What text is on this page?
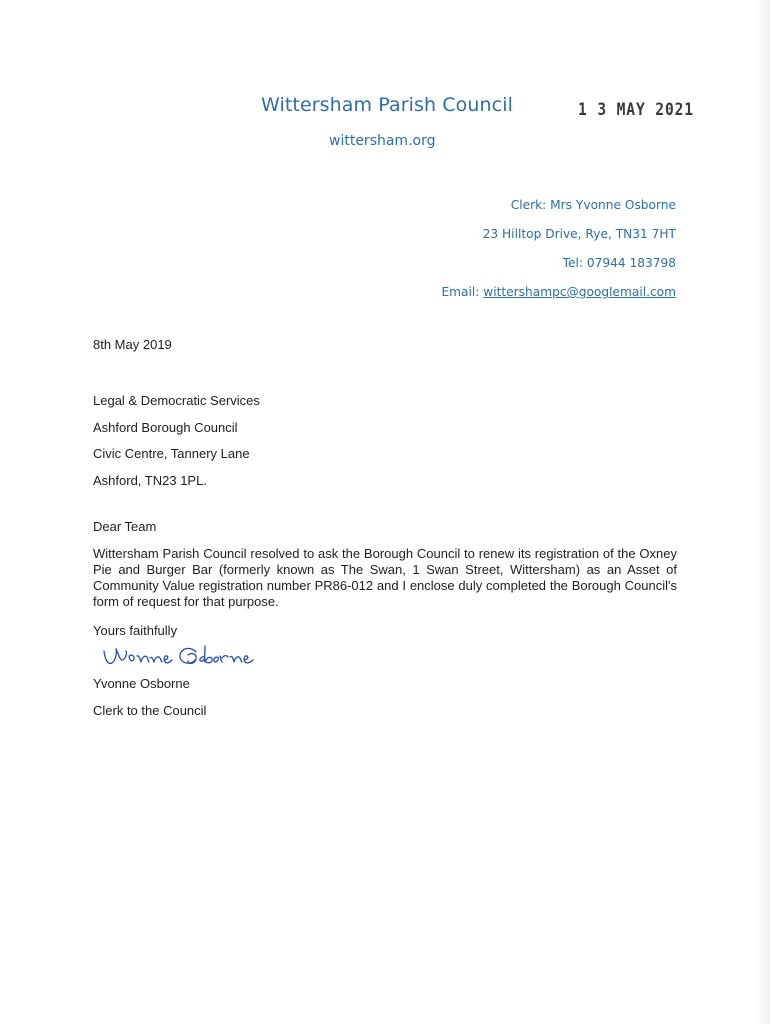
Wittersham Parish Council	1 3 MAY 2021
wittersham.org
Clerk: Mrs Yvonne Osborne
23 Hilltop Drive, Rye, TN31 7HT
Tel: 07944 183798
Email: wittershampc@googlemail.com
8th May 2019
Legal & Democratic Services
Ashford Borough Council
Civic Centre, Tannery Lane
Ashford, TN23 1PL.
Dear Team
Wittersham Parish Council resolved to ask the Borough Council to renew its registration of the Oxney Pie and Burger Bar (formerly known as The Swan, 1 Swan Street, Wittersham) as an Asset of Community Value registration number PR86-012 and I enclose duly completed the Borough Council's form of request for that purpose.
Yours faithfully
Yvonne Osborne
Clerk to the Council
